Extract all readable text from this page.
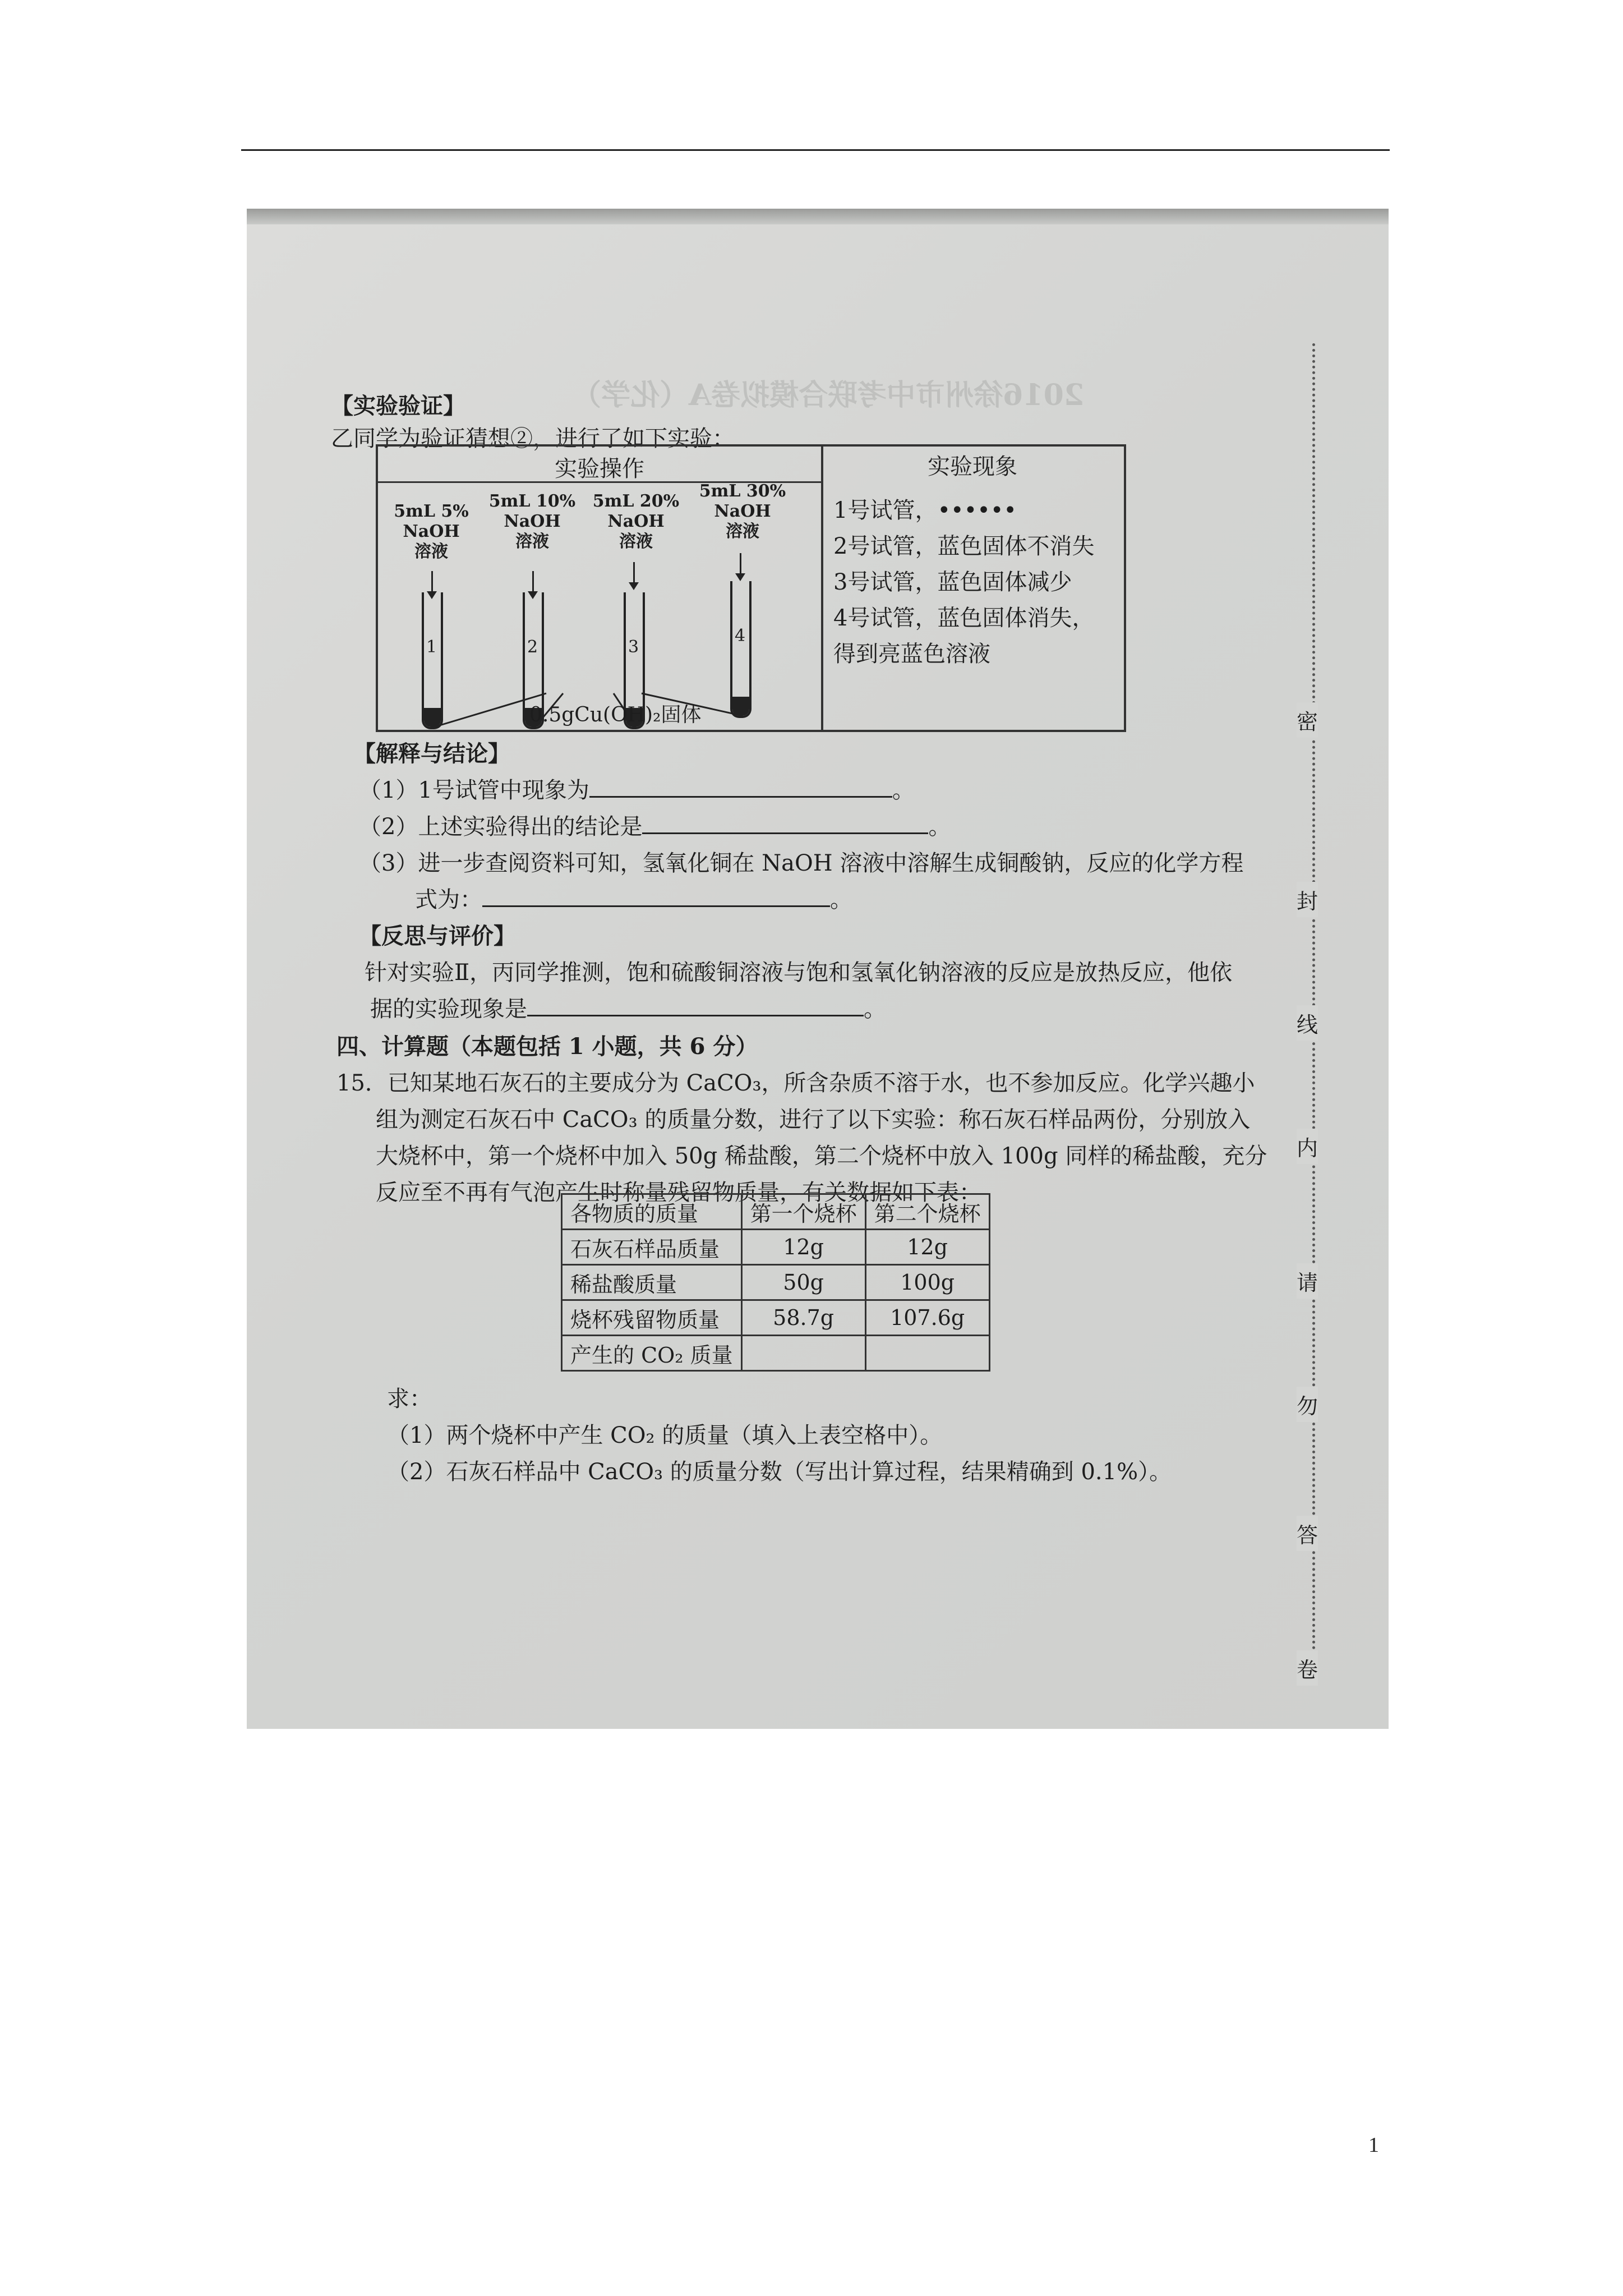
2016徐州市中考联合模拟卷A（化学）
【实验验证】
乙同学为验证猜想②，进行了如下实验：
实验操作	实验现象
5mL 5%
NaOH
溶液
5mL 10%
NaOH
溶液
5mL 20%
NaOH
溶液
5mL 30%
NaOH
溶液
1	2	3
4
0.5gCu(OH)₂固体
1号试管，••••••
2号试管，蓝色固体不消失
3号试管，蓝色固体减少
4号试管，蓝色固体消失，
得到亮蓝色溶液
【解释与结论】
（1）1号试管中现象为	。
（2）上述实验得出的结论是	。
（3）进一步查阅资料可知，氢氧化铜在 NaOH 溶液中溶解生成铜酸钠，反应的化学方程
式为：	。
【反思与评价】
针对实验Ⅱ，丙同学推测，饱和硫酸铜溶液与饱和氢氧化钠溶液的反应是放热反应，他依
据的实验现象是	。
四、计算题（本题包括 1 小题，共 6 分）
15．已知某地石灰石的主要成分为 CaCO₃，所含杂质不溶于水，也不参加反应。化学兴趣小
组为测定石灰石中 CaCO₃ 的质量分数，进行了以下实验：称石灰石样品两份，分别放入
大烧杯中，第一个烧杯中加入 50g 稀盐酸，第二个烧杯中放入 100g 同样的稀盐酸，充分
反应至不再有气泡产生时称量残留物质量，有关数据如下表：
各物质的质量	第一个烧杯	第二个烧杯
石灰石样品质量	12g	12g
稀盐酸质量	50g	100g
烧杯残留物质量	58.7g	107.6g
产生的 CO₂ 质量		
求：
（1）两个烧杯中产生 CO₂ 的质量（填入上表空格中）。
（2）石灰石样品中 CaCO₃ 的质量分数（写出计算过程，结果精确到 0.1%）。
密
封
线
内
请
勿
答
卷
1
